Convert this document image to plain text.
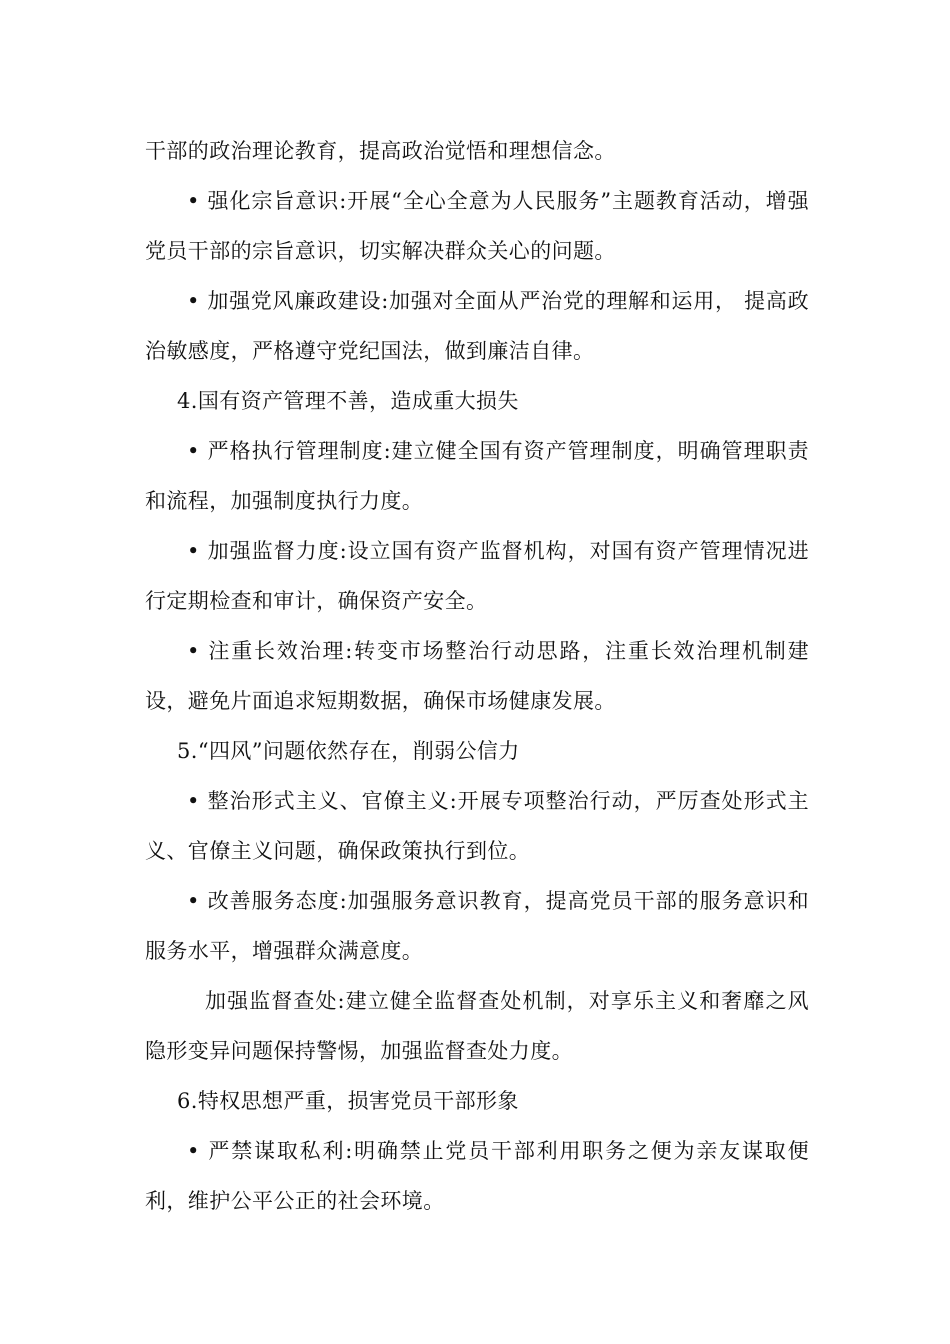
干部的政治理论教育，提高政治觉悟和理想信念。

• 强化宗旨意识:开展“全心全意为人民服务”主题教育活动，增强党员干部的宗旨意识，切实解决群众关心的问题。

• 加强党风廉政建设:加强对全面从严治党的理解和运用， 提高政治敏感度，严格遵守党纪国法，做到廉洁自律。

4.国有资产管理不善，造成重大损失

• 严格执行管理制度:建立健全国有资产管理制度，明确管理职责和流程，加强制度执行力度。

• 加强监督力度:设立国有资产监督机构，对国有资产管理情况进行定期检查和审计，确保资产安全。

• 注重长效治理:转变市场整治行动思路，注重长效治理机制建设，避免片面追求短期数据，确保市场健康发展。

5.“四风”问题依然存在，削弱公信力

• 整治形式主义、官僚主义:开展专项整治行动，严厉查处形式主义、官僚主义问题，确保政策执行到位。

• 改善服务态度:加强服务意识教育，提高党员干部的服务意识和服务水平，增强群众满意度。

加强监督查处:建立健全监督查处机制，对享乐主义和奢靡之风隐形变异问题保持警惕，加强监督查处力度。

6.特权思想严重，损害党员干部形象

• 严禁谋取私利:明确禁止党员干部利用职务之便为亲友谋取便利，维护公平公正的社会环境。
